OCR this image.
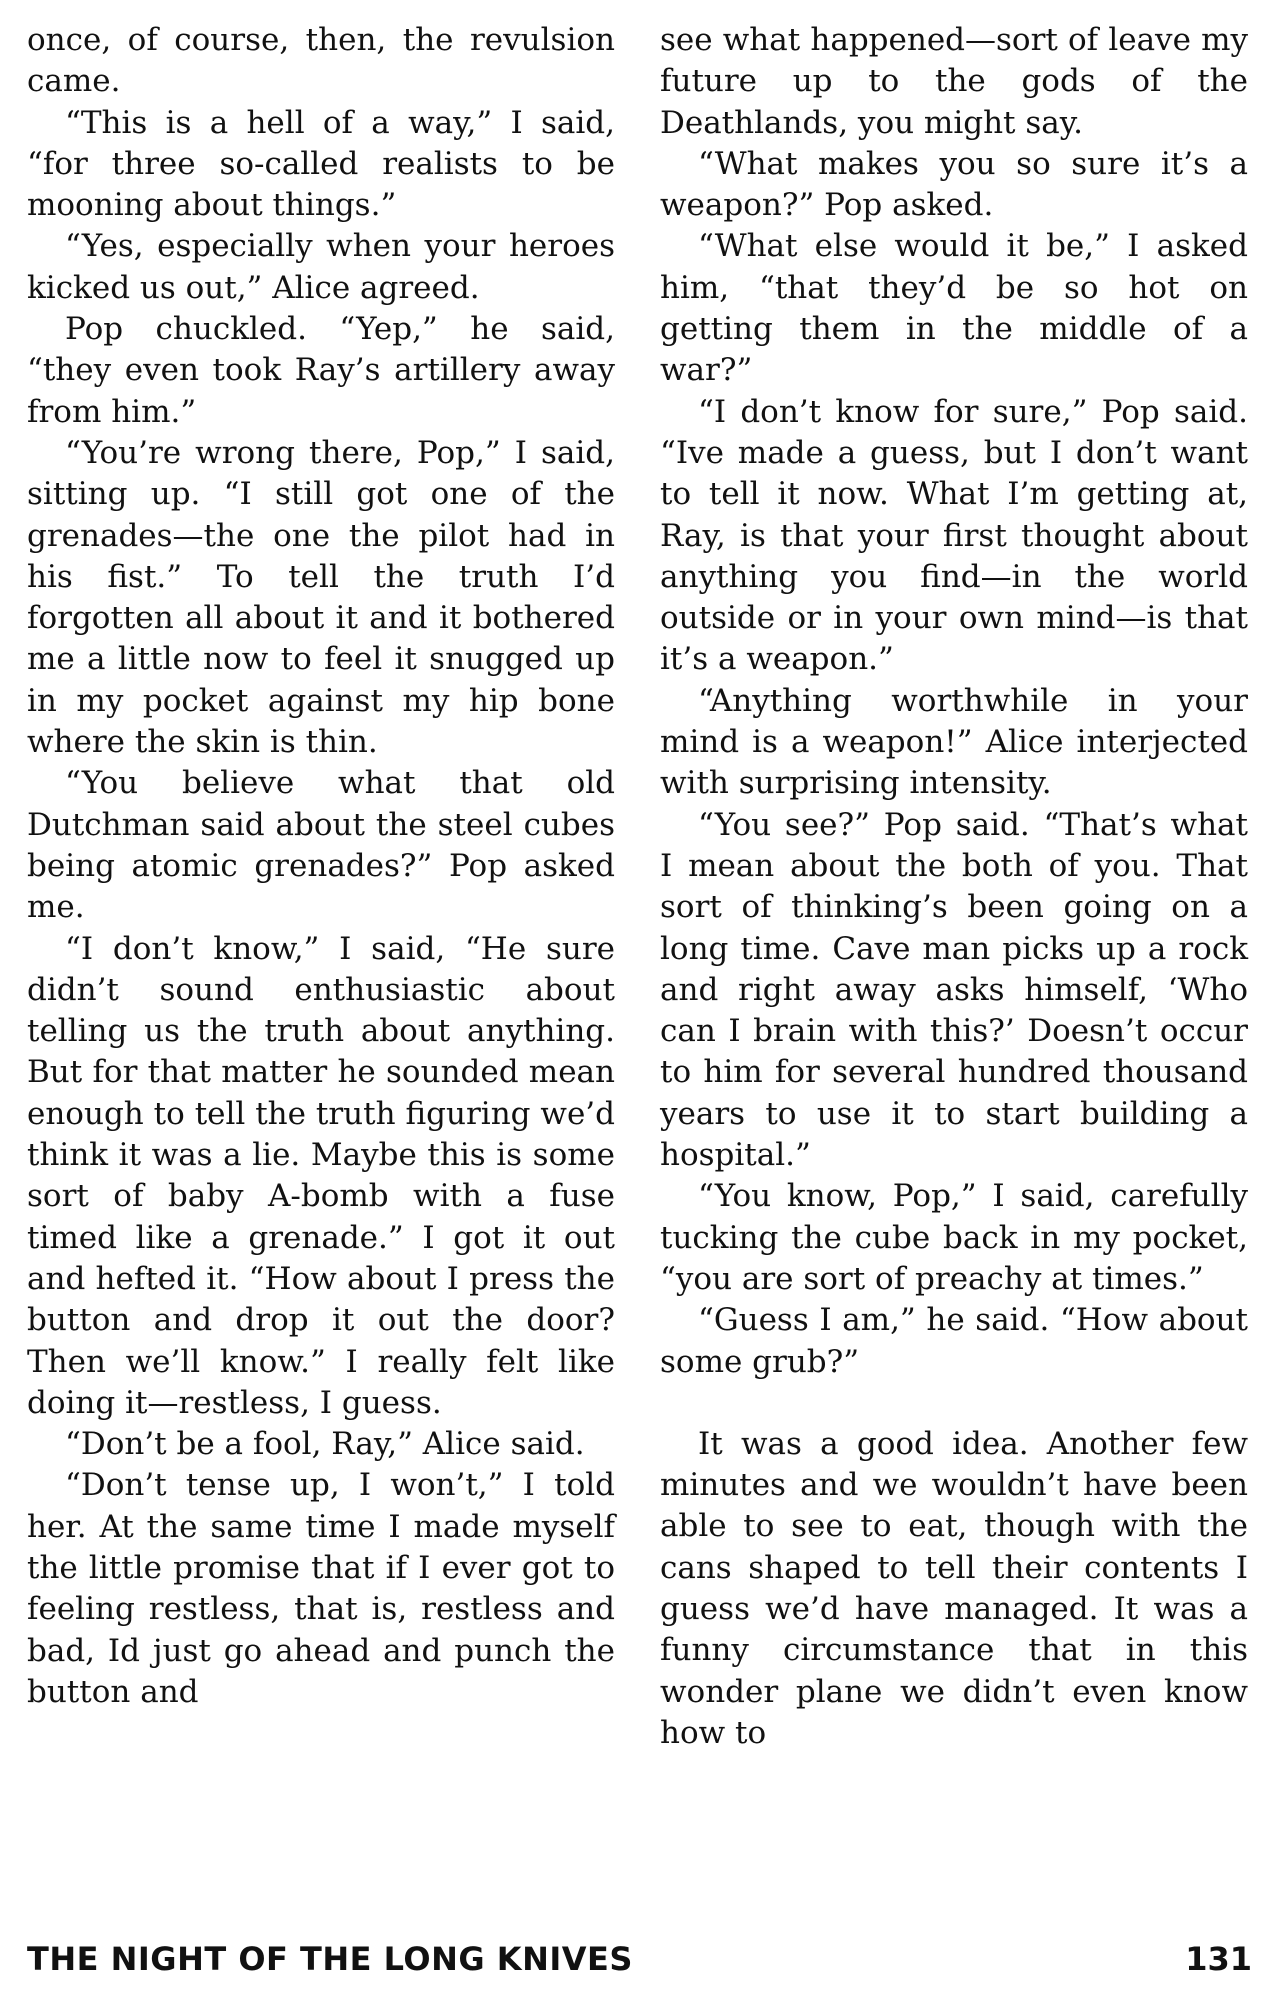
once, of course, then, the revulsion came.

“This is a hell of a way,” I said, “for three so-called realists to be mooning about things.”

“Yes, especially when your heroes kicked us out,” Alice agreed.

Pop chuckled. “Yep,” he said, “they even took Ray’s artillery away from him.”

“You’re wrong there, Pop,” I said, sitting up. “I still got one of the grenades—the one the pilot had in his fist.” To tell the truth I’d forgotten all about it and it bothered me a little now to feel it snugged up in my pocket against my hip bone where the skin is thin.

“You believe what that old Dutchman said about the steel cubes being atomic grenades?” Pop asked me.

“I don’t know,” I said, “He sure didn’t sound enthusiastic about telling us the truth about anything. But for that matter he sounded mean enough to tell the truth figuring we’d think it was a lie. Maybe this is some sort of baby A-bomb with a fuse timed like a grenade.” I got it out and hefted it. “How about I press the button and drop it out the door? Then we’ll know.” I really felt like doing it—restless, I guess.

“Don’t be a fool, Ray,” Alice said.

“Don’t tense up, I won’t,” I told her. At the same time I made myself the little promise that if I ever got to feeling restless, that is, restless and bad, Id just go ahead and punch the button and

see what happened—sort of leave my future up to the gods of the Deathlands, you might say.

“What makes you so sure it’s a weapon?” Pop asked.

“What else would it be,” I asked him, “that they’d be so hot on getting them in the middle of a war?”

“I don’t know for sure,” Pop said. “Ive made a guess, but I don’t want to tell it now. What I’m getting at, Ray, is that your first thought about anything you find—in the world outside or in your own mind—is that it’s a weapon.”

“Anything worthwhile in your mind is a weapon!” Alice interjected with surprising intensity.

“You see?” Pop said. “That’s what I mean about the both of you. That sort of thinking’s been going on a long time. Cave man picks up a rock and right away asks himself, ‘Who can I brain with this?’ Doesn’t occur to him for several hundred thousand years to use it to start building a hospital.”

“You know, Pop,” I said, carefully tucking the cube back in my pocket, “you are sort of preachy at times.”

“Guess I am,” he said. “How about some grub?”

It was a good idea. Another few minutes and we wouldn’t have been able to see to eat, though with the cans shaped to tell their contents I guess we’d have managed. It was a funny circumstance that in this wonder plane we didn’t even know how to

THE NIGHT OF THE LONG KNIVES	131
